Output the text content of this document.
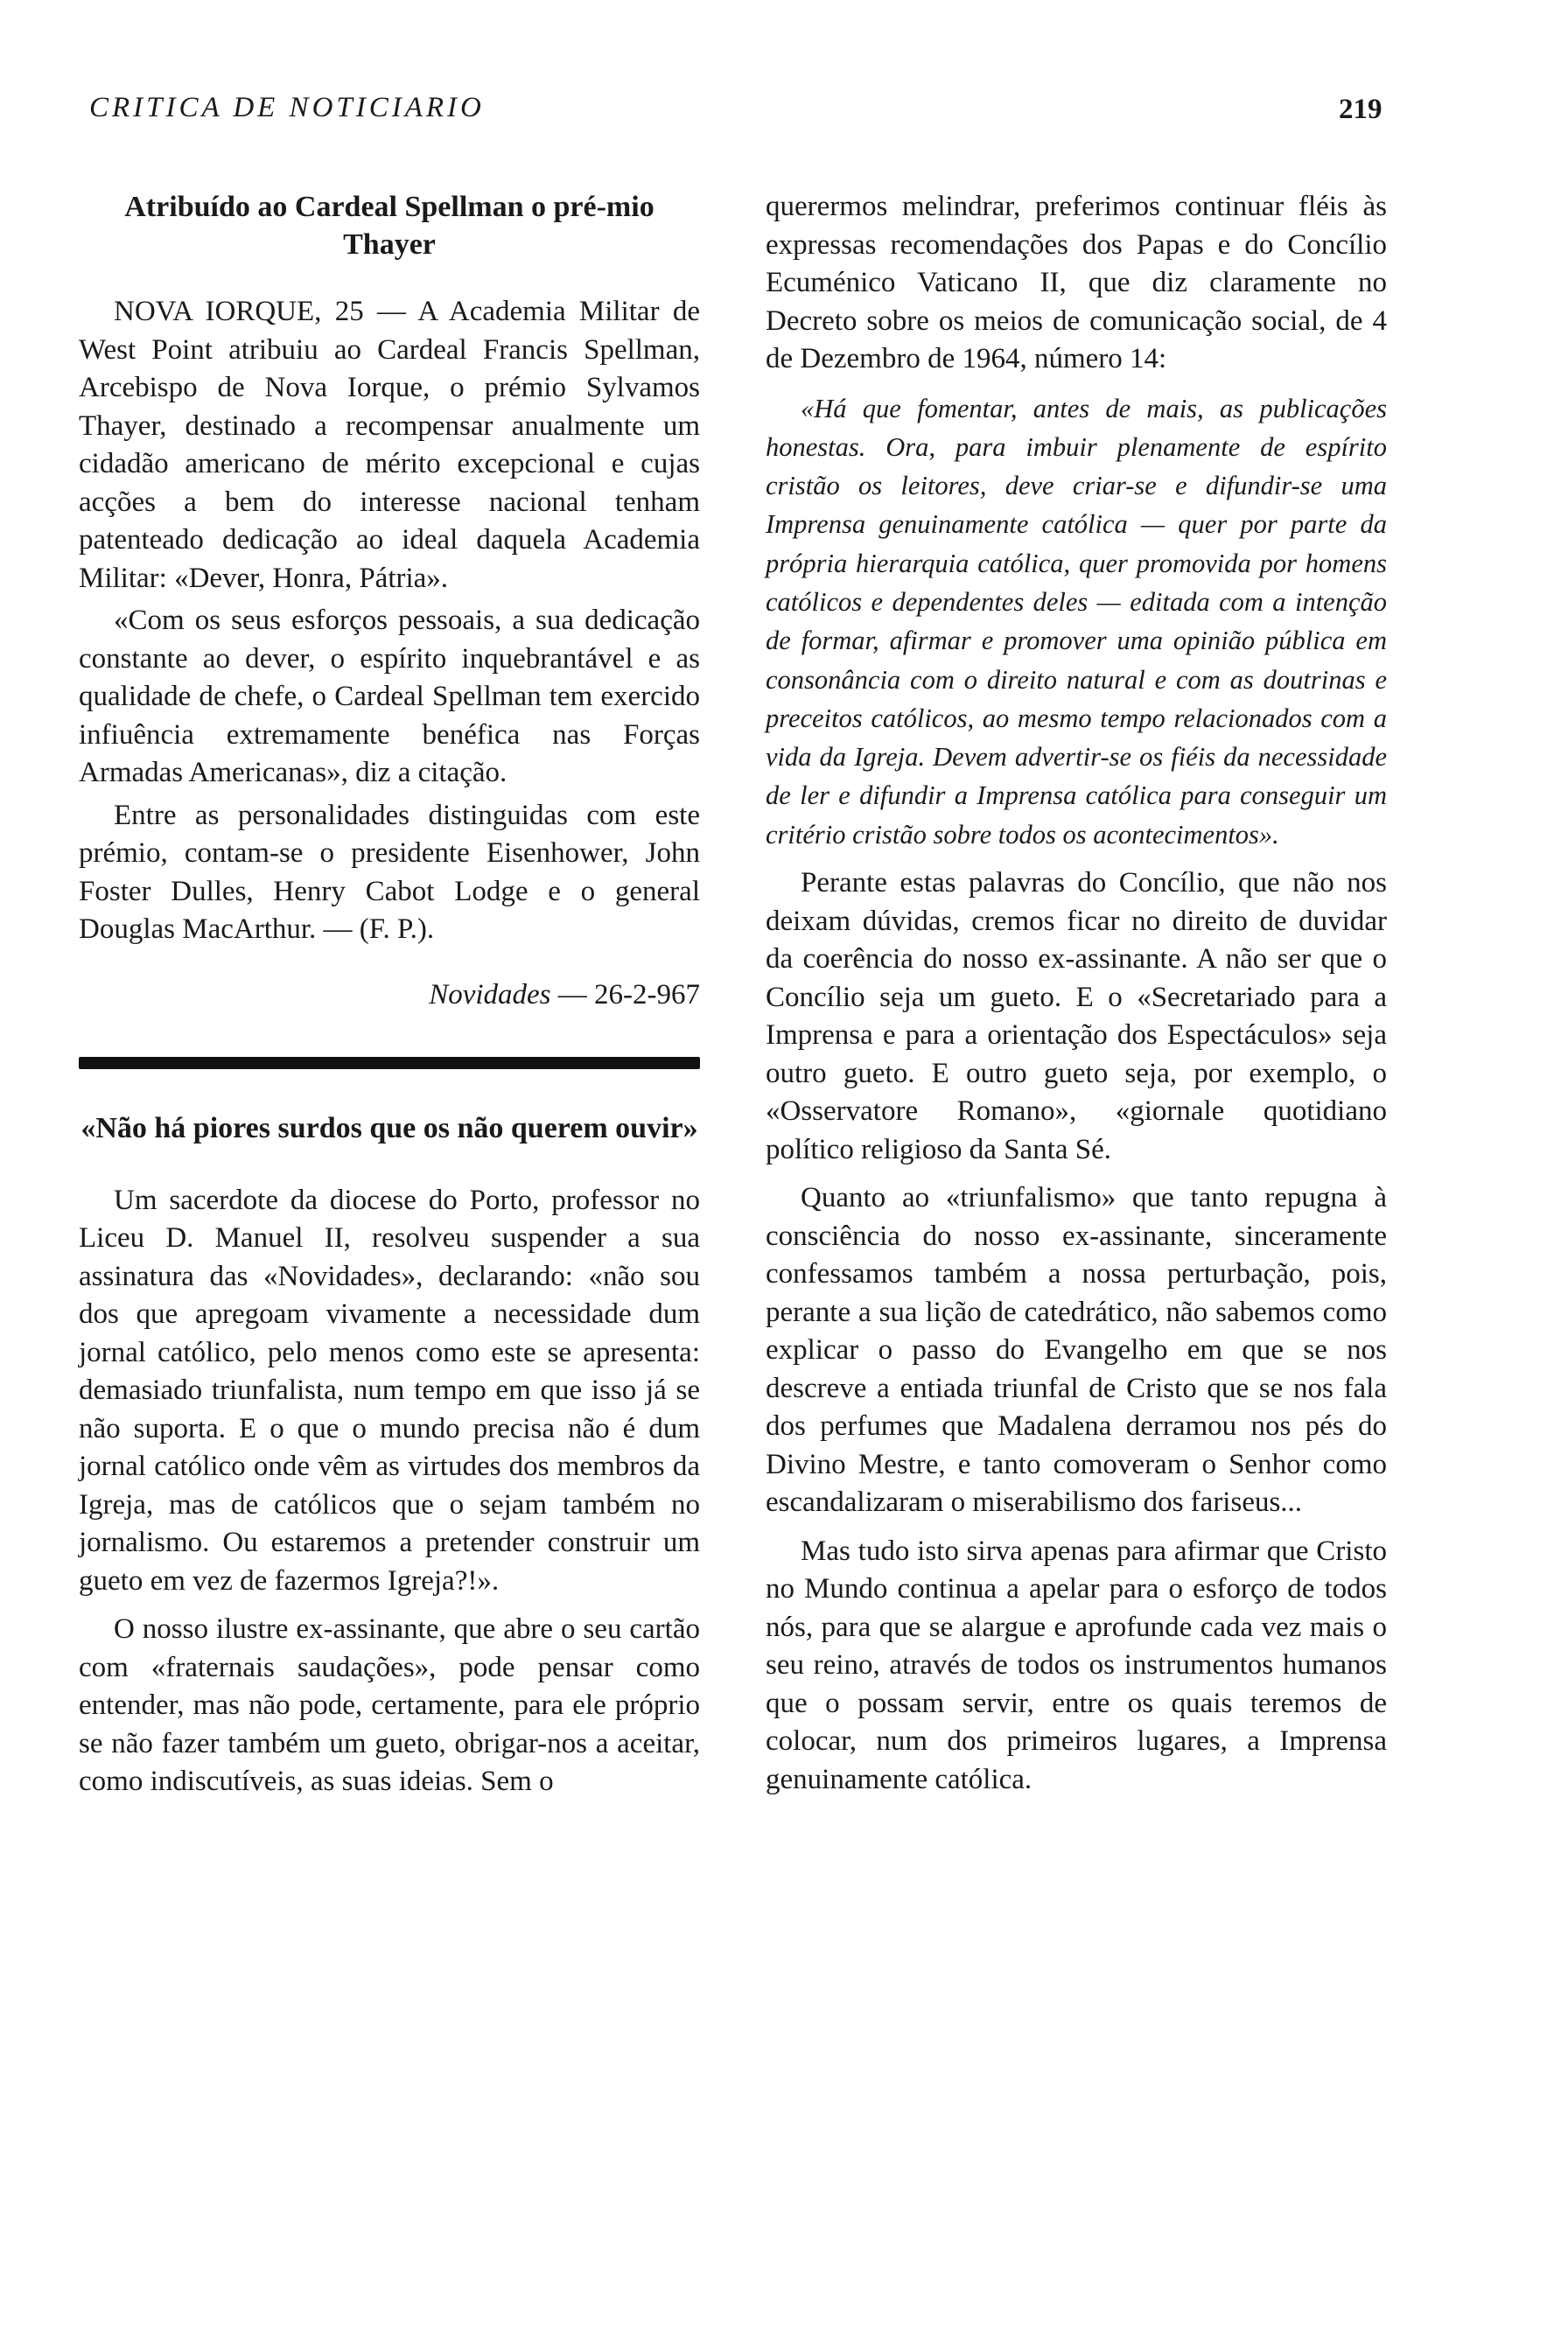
CRITICA DE NOTICIARIO	219
Atribuído ao Cardeal Spellman o pré-mio Thayer

NOVA IORQUE, 25 — A Academia Militar de West Point atribuiu ao Cardeal Francis Spellman, Arcebispo de Nova Iorque, o prémio Sylvamos Thayer, destinado a recompensar anualmente um cidadão americano de mérito excepcional e cujas acções a bem do interesse nacional tenham patenteado dedicação ao ideal daquela Academia Militar: «Dever, Honra, Pátria».

«Com os seus esforços pessoais, a sua dedicação constante ao dever, o espírito inquebrantável e as qualidade de chefe, o Cardeal Spellman tem exercido infiuência extremamente benéfica nas Forças Armadas Americanas», diz a citação.

Entre as personalidades distinguidas com este prémio, contam-se o presidente Eisenhower, John Foster Dulles, Henry Cabot Lodge e o general Douglas MacArthur. — (F. P.).

Novidades — 26-2-967
«Não há piores surdos que os não querem ouvir»

Um sacerdote da diocese do Porto, professor no Liceu D. Manuel II, resolveu suspender a sua assinatura das «Novidades», declarando: «não sou dos que apregoam vivamente a necessidade dum jornal católico, pelo menos como este se apresenta: demasiado triunfalista, num tempo em que isso já se não suporta. E o que o mundo precisa não é dum jornal católico onde vêm as virtudes dos membros da Igreja, mas de católicos que o sejam também no jornalismo. Ou estaremos a pretender construir um gueto em vez de fazermos Igreja?!».

O nosso ilustre ex-assinante, que abre o seu cartão com «fraternais saudações», pode pensar como entender, mas não pode, certamente, para ele próprio se não fazer também um gueto, obrigar-nos a aceitar, como indiscutíveis, as suas ideias. Sem o

querermos melindrar, preferimos continuar fléis às expressas recomendações dos Papas e do Concílio Ecuménico Vaticano II, que diz claramente no Decreto sobre os meios de comunicação social, de 4 de Dezembro de 1964, número 14:

«Há que fomentar, antes de mais, as publicações honestas. Ora, para imbuir plenamente de espírito cristão os leitores, deve criar-se e difundir-se uma Imprensa genuinamente católica — quer por parte da própria hierarquia católica, quer promovida por homens católicos e dependentes deles — editada com a intenção de formar, afirmar e promover uma opinião pública em consonância com o direito natural e com as doutrinas e preceitos católicos, ao mesmo tempo relacionados com a vida da Igreja. Devem advertir-se os fiéis da necessidade de ler e difundir a Imprensa católica para conseguir um critério cristão sobre todos os acontecimentos».

Perante estas palavras do Concílio, que não nos deixam dúvidas, cremos ficar no direito de duvidar da coerência do nosso ex-assinante. A não ser que o Concílio seja um gueto. E o «Secretariado para a Imprensa e para a orientação dos Espectáculos» seja outro gueto. E outro gueto seja, por exemplo, o «Osservatore Romano», «giornale quotidiano político religioso da Santa Sé.

Quanto ao «triunfalismo» que tanto repugna à consciência do nosso ex-assinante, sinceramente confessamos também a nossa perturbação, pois, perante a sua lição de catedrático, não sabemos como explicar o passo do Evangelho em que se nos descreve a entiada triunfal de Cristo que se nos fala dos perfumes que Madalena derramou nos pés do Divino Mestre, e tanto comoveram o Senhor como escandalizaram o miserabilismo dos fariseus...

Mas tudo isto sirva apenas para afirmar que Cristo no Mundo continua a apelar para o esforço de todos nós, para que se alargue e aprofunde cada vez mais o seu reino, através de todos os instrumentos humanos que o possam servir, entre os quais teremos de colocar, num dos primeiros lugares, a Imprensa genuinamente católica.
